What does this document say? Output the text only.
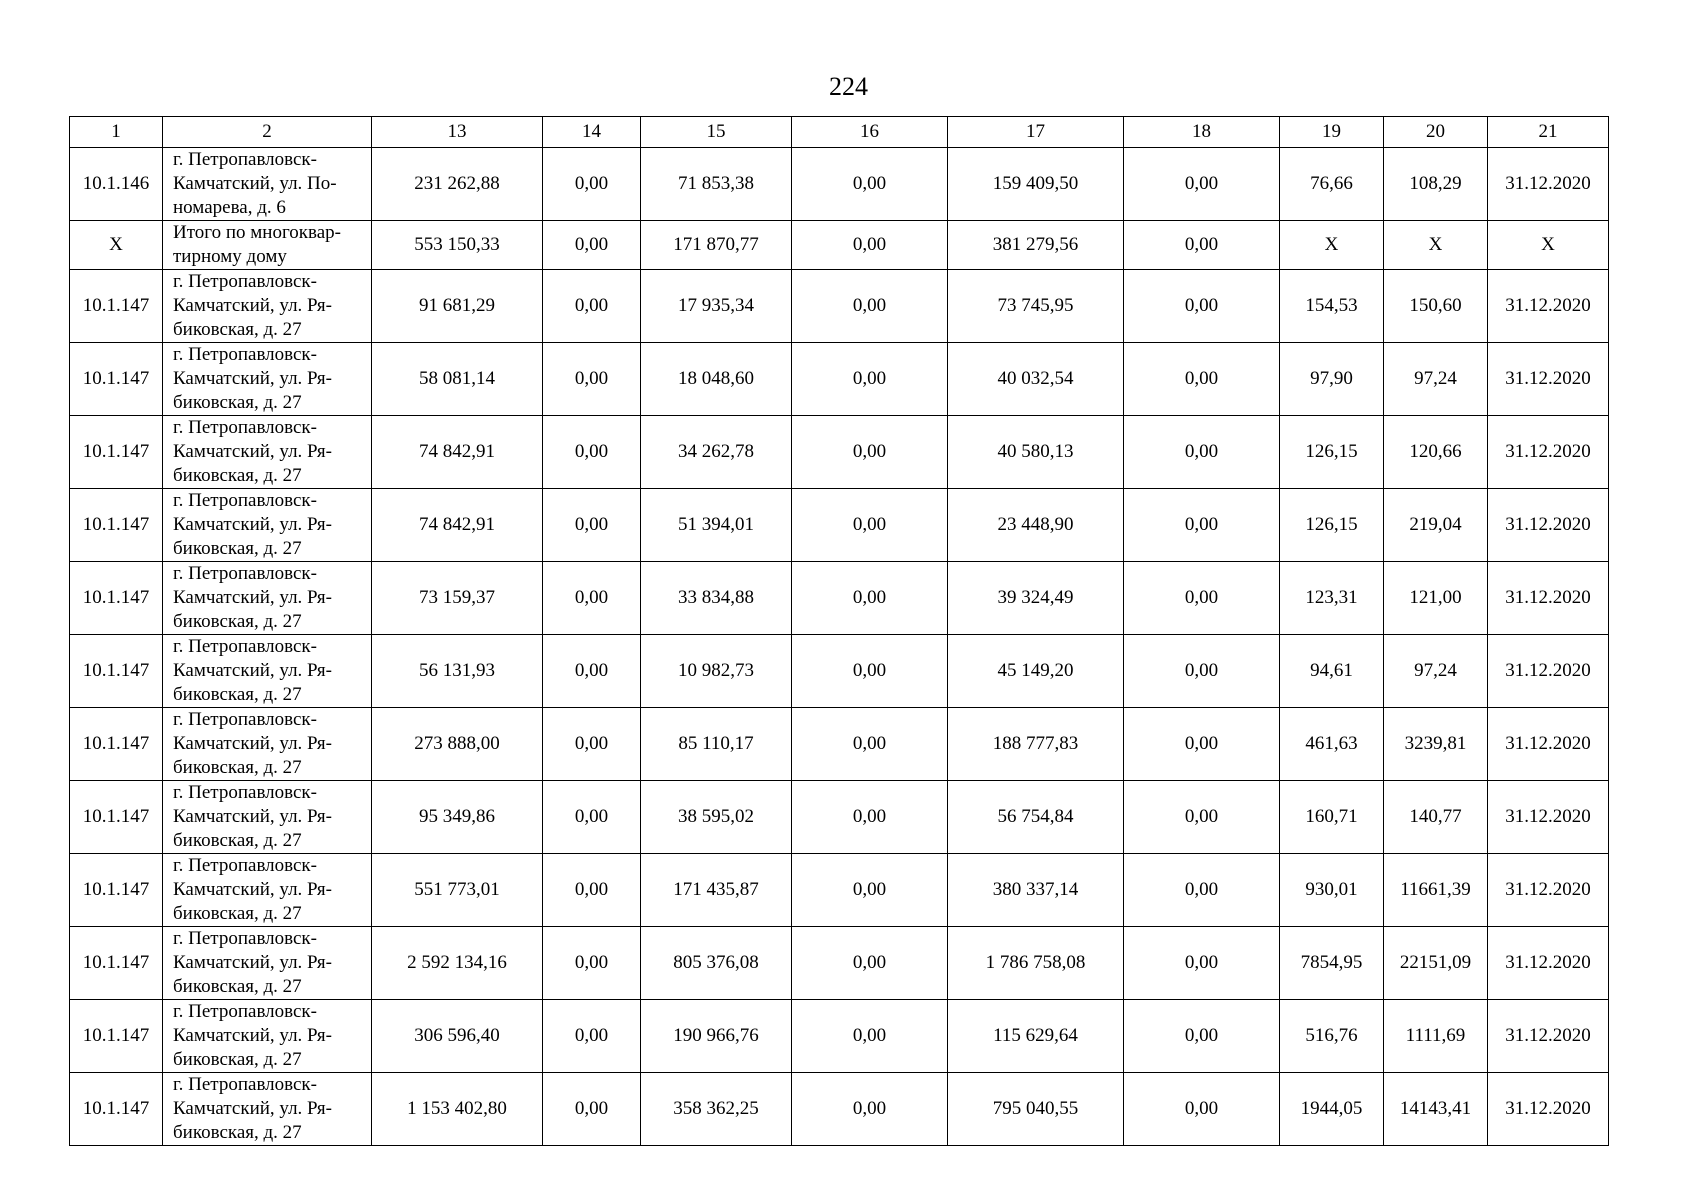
224
1	2	13	14	15	16	17	18	19	20	21
10.1.146	г. Петропавловск-
Камчатский, ул. По-
номарева, д. 6	231 262,88	0,00	71 853,38	0,00	159 409,50	0,00	76,66	108,29	31.12.2020
X	Итого по многоквар-
тирному дому	553 150,33	0,00	171 870,77	0,00	381 279,56	0,00	X	X	X
10.1.147	г. Петропавловск-
Камчатский, ул. Ря-
биковская, д. 27	91 681,29	0,00	17 935,34	0,00	73 745,95	0,00	154,53	150,60	31.12.2020
10.1.147	г. Петропавловск-
Камчатский, ул. Ря-
биковская, д. 27	58 081,14	0,00	18 048,60	0,00	40 032,54	0,00	97,90	97,24	31.12.2020
10.1.147	г. Петропавловск-
Камчатский, ул. Ря-
биковская, д. 27	74 842,91	0,00	34 262,78	0,00	40 580,13	0,00	126,15	120,66	31.12.2020
10.1.147	г. Петропавловск-
Камчатский, ул. Ря-
биковская, д. 27	74 842,91	0,00	51 394,01	0,00	23 448,90	0,00	126,15	219,04	31.12.2020
10.1.147	г. Петропавловск-
Камчатский, ул. Ря-
биковская, д. 27	73 159,37	0,00	33 834,88	0,00	39 324,49	0,00	123,31	121,00	31.12.2020
10.1.147	г. Петропавловск-
Камчатский, ул. Ря-
биковская, д. 27	56 131,93	0,00	10 982,73	0,00	45 149,20	0,00	94,61	97,24	31.12.2020
10.1.147	г. Петропавловск-
Камчатский, ул. Ря-
биковская, д. 27	273 888,00	0,00	85 110,17	0,00	188 777,83	0,00	461,63	3239,81	31.12.2020
10.1.147	г. Петропавловск-
Камчатский, ул. Ря-
биковская, д. 27	95 349,86	0,00	38 595,02	0,00	56 754,84	0,00	160,71	140,77	31.12.2020
10.1.147	г. Петропавловск-
Камчатский, ул. Ря-
биковская, д. 27	551 773,01	0,00	171 435,87	0,00	380 337,14	0,00	930,01	11661,39	31.12.2020
10.1.147	г. Петропавловск-
Камчатский, ул. Ря-
биковская, д. 27	2 592 134,16	0,00	805 376,08	0,00	1 786 758,08	0,00	7854,95	22151,09	31.12.2020
10.1.147	г. Петропавловск-
Камчатский, ул. Ря-
биковская, д. 27	306 596,40	0,00	190 966,76	0,00	115 629,64	0,00	516,76	1111,69	31.12.2020
10.1.147	г. Петропавловск-
Камчатский, ул. Ря-
биковская, д. 27	1 153 402,80	0,00	358 362,25	0,00	795 040,55	0,00	1944,05	14143,41	31.12.2020
